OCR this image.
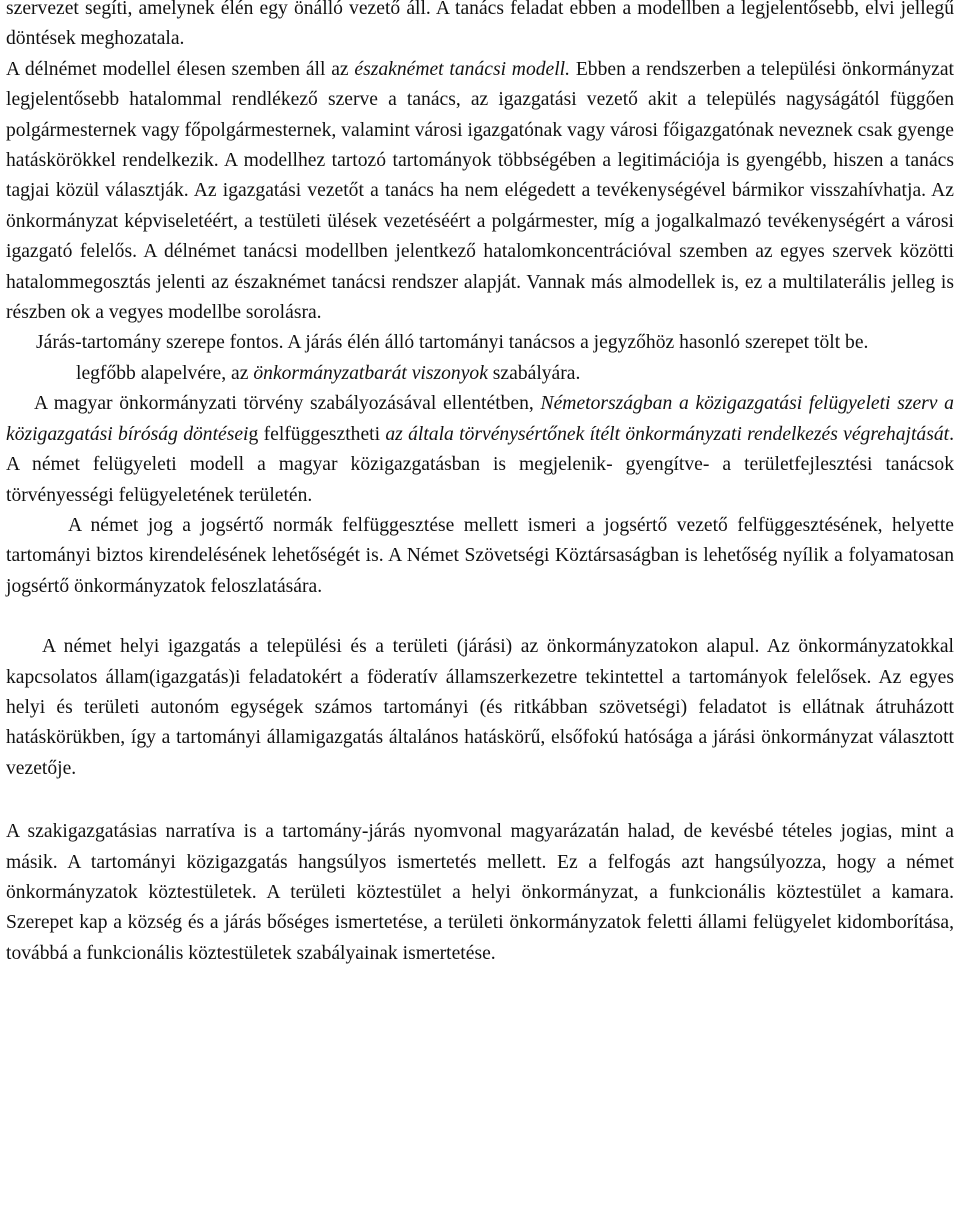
szervezet segíti, amelynek élén egy önálló vezető áll. A tanács feladat ebben a modellben a legjelentősebb, elvi jellegű döntések meghozatala.

A délnémet modellel élesen szemben áll az északnémet tanácsi modell. Ebben a rendszerben a települési önkormányzat legjelentősebb hatalommal rendlékező szerve a tanács, az igazgatási vezető akit a település nagyságától függően polgármesternek vagy főpolgármesternek, valamint városi igazgatónak vagy városi főigazgatónak neveznek csak gyenge hatáskörökkel rendelkezik. A modellhez tartozó tartományok többségében a legitimációja is gyengébb, hiszen a tanács tagjai közül választják. Az igazgatási vezetőt a tanács ha nem elégedett a tevékenységével bármikor visszahívhatja. Az önkormányzat képviseletéért, a testületi ülések vezetéséért a polgármester, míg a jogalkalmazó tevékenységért a városi igazgató felelős. A délnémet tanácsi modellben jelentkező hatalomkoncentrációval szemben az egyes szervek közötti hatalommegosztás jelenti az északnémet tanácsi rendszer alapját. Vannak más almodellek is, ez a multilaterális jelleg is részben ok a vegyes modellbe sorolásra.

Járás-tartomány szerepe fontos. A járás élén álló tartományi tanácsos a jegyzőhöz hasonló szerepet tölt be.

legfőbb alapelvére, az önkormányzatbarát viszonyok szabályára.

A magyar önkormányzati törvény szabályozásával ellentétben, Németországban a közigazgatási felügyeleti szerv a közigazgatási bíróság döntéseig felfüggesztheti az általa törvénysértőnek ítélt önkormányzati rendelkezés végrehajtását. A német felügyeleti modell a magyar közigazgatásban is megjelenik- gyengítve- a területfejlesztési tanácsok törvényességi felügyeletének területén.

A német jog a jogsértő normák felfüggesztése mellett ismeri a jogsértő vezető felfüggesztésének, helyette tartományi biztos kirendelésének lehetőségét is. A Német Szövetségi Köztársaságban is lehetőség nyílik a folyamatosan jogsértő önkormányzatok feloszlatására.

A német helyi igazgatás a települési és a területi (járási) az önkormányzatokon alapul. Az önkormányzatokkal kapcsolatos állam(igazgatás)i feladatokért a föderatív államszerkezetre tekintettel a tartományok felelősek. Az egyes helyi és területi autonóm egységek számos tartományi (és ritkábban szövetségi) feladatot is ellátnak átruházott hatáskörükben, így a tartományi államigazgatás általános hatáskörű, elsőfokú hatósága a járási önkormányzat választott vezetője.

A szakigazgatásias narratíva is a tartomány-járás nyomvonal magyarázatán halad, de kevésbé tételes jogias, mint a másik. A tartományi közigazgatás hangsúlyos ismertetés mellett. Ez a felfogás azt hangsúlyozza, hogy a német önkormányzatok köztestületek. A területi köztestület a helyi önkormányzat, a funkcionális köztestület a kamara. Szerepet kap a község és a járás bőséges ismertetése, a területi önkormányzatok feletti állami felügyelet kidomborítása, továbbá a funkcionális köztestületek szabályainak ismertetése.
